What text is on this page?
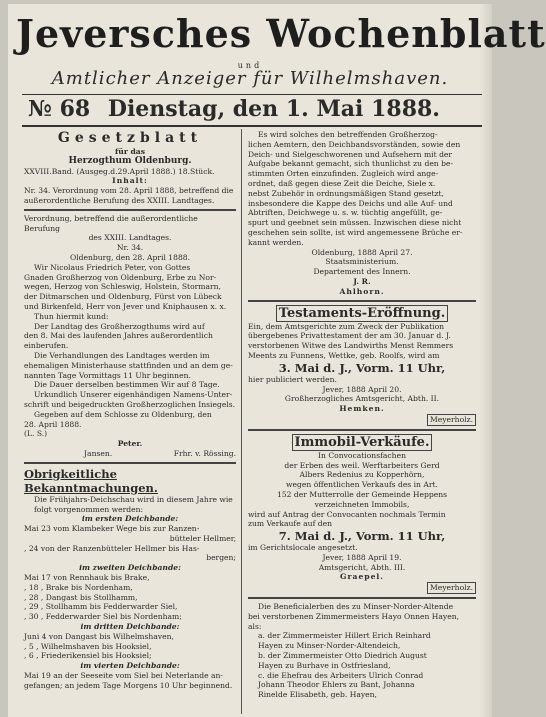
Jeversches Wochenblatt
und
Amtlicher Anzeiger für Wilhelmshaven.
№ 68 Dienstag, den 1. Mai 1888.
Gesetzblatt

für das

Herzogthum Oldenburg.

XXVIII.Band. (Ausgeg.d.29.April 1888.) 18.Stück.

Inhalt:

Nr. 34. Verordnung vom 28. April 1888, betreffend die außerordentliche Berufung des XXIII. Landtages.

Verordnung, betreffend die außerordentliche Berufung

des XXIII. Landtages.

Nr. 34.

Oldenburg, den 28. April 1888.

Wir Nicolaus Friedrich Peter, von Gottes

Gnaden Großherzog von Oldenburg, Erbe zu Nor-

wegen, Herzog von Schleswig, Holstein, Stormarn,

der Ditmarschen und Oldenburg, Fürst von Lübeck

und Birkenfeld, Herr von Jever und Kniphausen x. x.

Thun hiermit kund:

Der Landtag des Großherzogthums wird auf

den 8. Mai des laufenden Jahres außerordentlich einberufen.

Die Verhandlungen des Landtages werden im

ehemaligen Ministerhause stattfinden und an dem ge-

nannten Tage Vormittags 11 Uhr beginnen.

Die Dauer derselben bestimmen Wir auf 8 Tage.

Urkundlich Unserer eigenhändigen Namens-Unter-

schrift und beigedruckten Großherzoglichen Insiegels.

Gegeben auf dem Schlosse zu Oldenburg, den

28. April 1888.

(L. S.)

Peter.

Jansen.	Frhr. v. Rössing.

Obrigkeitliche Bekanntmachungen.

Die Frühjahrs-Deichschau wird in diesem Jahre wie folgt vorgenommen werden:

im ersten Deichbande:

Mai 23 vom Klambeker Wege bis zur Ranzen-

bütteler Hellmer,

, 24 von der Ranzenbütteler Hellmer bis Has-

bergen;

im zweiten Deichbande:

Mai 17 von Rennhauk bis Brake,

, 18 , Brake bis Nordenham,

, 28 , Dangast bis Stollhamm,

, 29 , Stollhamm bis Fedderwarder Siel,

, 30 , Fedderwarder Siel bis Nordenham;

im dritten Deichbande:

Juni 4 von Dangast bis Wilhelmshaven,

, 5 , Wilhelmshaven bis Hooksiel,

, 6 , Friederikensiel bis Hooksiel;

im vierten Deichbande:

Mai 19 an der Seeseite vom Siel bei Neterlande an-

gefangen; an jedem Tage Morgens 10 Uhr beginnend.

Es wird solches den betreffenden Großherzog-

lichen Aemtern, den Deichbandsvorständen, sowie den

Deich- und Sielgeschworenen und Aufsehern mit der

Aufgabe bekannt gemacht, sich thunlichst zu den be-

stimmten Orten einzufinden. Zugleich wird ange-

ordnet, daß gegen diese Zeit die Deiche, Siele x.

nebst Zubehör in ordnungsmäßigen Stand gesetzt,

insbesondere die Kappe des Deichs und alle Auf- und

Abtriften, Deichwege u. s. w. tüchtig angefüllt, ge-

spurt und geebnet sein müssen. Inzwischen diese nicht

geschehen sein sollte, ist wird angemessene Brüche er-

kannt werden.

Oldenburg, 1888 April 27.

Staatsministerium.

Departement des Innern.

J. R.

Ahlhorn.

Testaments-Eröffnung.

Ein, dem Amtsgerichte zum Zweck der Publikation

übergebenes Privattestament der am 30. Januar d. J.

verstorbenen Witwe des Landwirths Menst Remmers

Meents zu Funnens, Wettke, geb. Roolfs, wird am

3. Mai d. J., Vorm. 11 Uhr,

hier publiciert werden.

Jever, 1888 April 20.

Großherzogliches Amtsgericht, Abth. II.

Hemken.

Meyerholz.

Immobil-Verkäufe.

In Convocationsfachen

der Erben des weil. Werftarbeiters Gerd

Albers Redenius zu Kopperhörn,

wegen öffentlichen Verkaufs des in Art.

152 der Mutterrolle der Gemeinde Heppens

verzeichneten Immobils,

wird auf Antrag der Convocanten nochmals Termin

zum Verkaufe auf den

7. Mai d. J., Vorm. 11 Uhr,

im Gerichtslocale angesetzt.

Jever, 1888 April 19.

Amtsgericht, Abth. III.

Graepel.

Meyerholz.

Die Beneficialerben des zu Minser-Norder-Altende

bei verstorbenen Zimmermeisters Hayo Onnen Hayen,

als:

a. der Zimmermeister Hillert Erich Reinhard

Hayen zu Minser-Norder-Altendeich,

b. der Zimmermeister Otto Diedrich August

Hayen zu Burhave in Ostfriesland,

c. die Ehefrau des Arbeiters Ulrich Conrad

Johann Theodor Ehlers zu Bant, Johanna

Rinelde Elisabeth, geb. Hayen,
